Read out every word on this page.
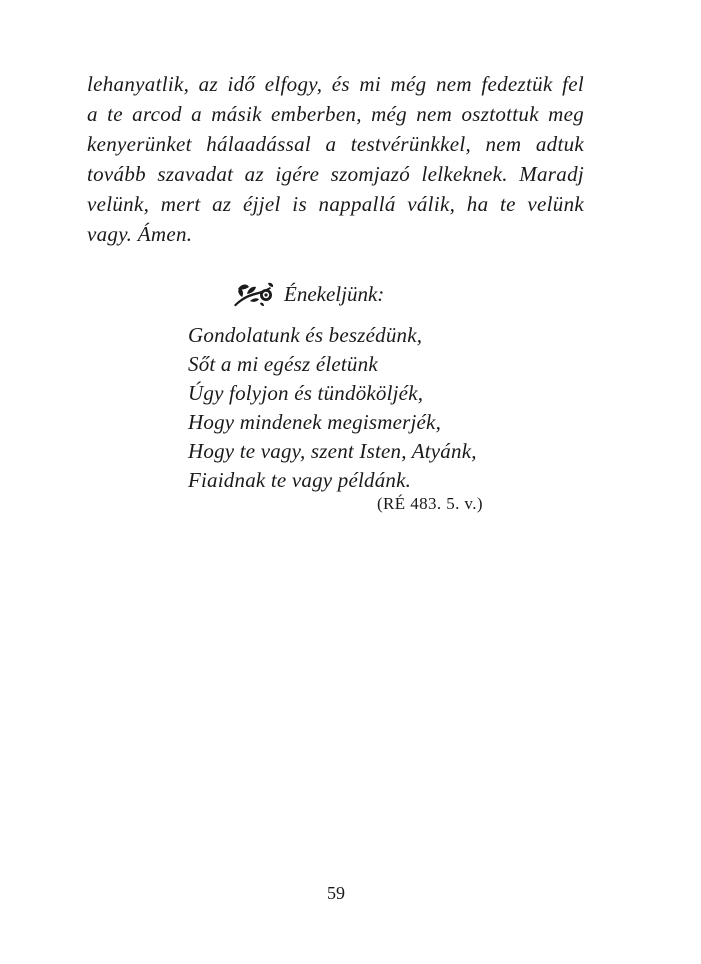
lehanyatlik, az idő elfogy, és mi még nem fedeztük fel
a te arcod a másik emberben, még nem osztottuk meg
kenyerünket hálaadással a testvérünkkel, nem adtuk
tovább szavadat az igére szomjazó lelkeknek. Maradj
velünk, mert az éjjel is nappallá válik, ha te velünk
vagy. Ámen.
Énekeljünk:
Gondolatunk és beszédünk,
Sőt a mi egész életünk
Úgy folyjon és tündököljék,
Hogy mindenek megismerjék,
Hogy te vagy, szent Isten, Atyánk,
Fiaidnak te vagy példánk.
(RÉ 483. 5. v.)
59
